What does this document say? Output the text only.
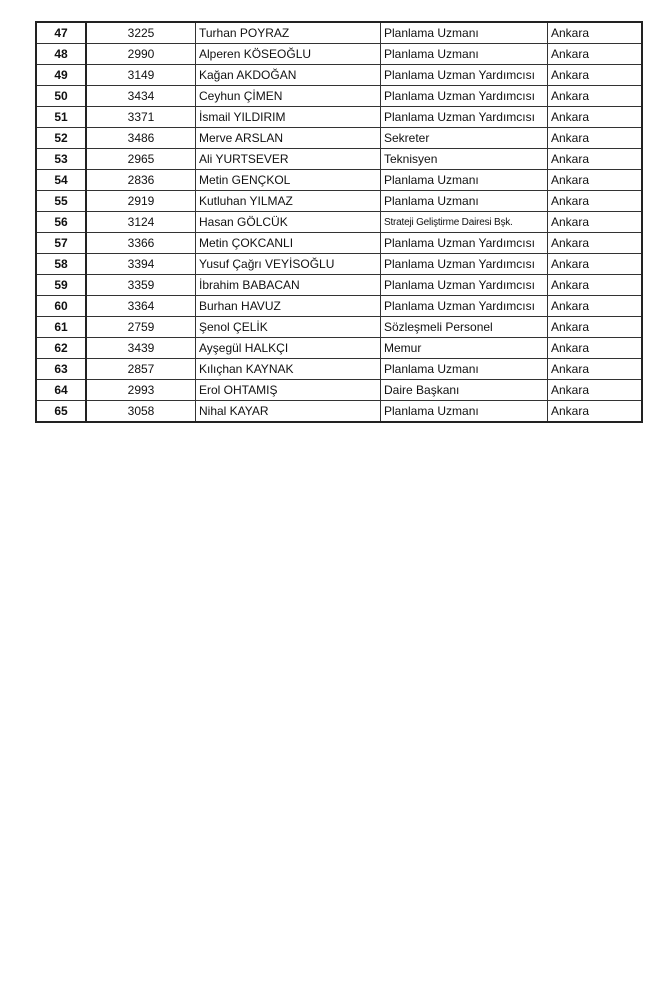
47	3225	Turhan POYRAZ	Planlama Uzmanı	Ankara
48	2990	Alperen KÖSEOĞLU	Planlama Uzmanı	Ankara
49	3149	Kağan AKDOĞAN	Planlama Uzman Yardımcısı	Ankara
50	3434	Ceyhun ÇİMEN	Planlama Uzman Yardımcısı	Ankara
51	3371	İsmail YILDIRIM	Planlama Uzman Yardımcısı	Ankara
52	3486	Merve ARSLAN	Sekreter	Ankara
53	2965	Ali YURTSEVER	Teknisyen	Ankara
54	2836	Metin GENÇKOL	Planlama Uzmanı	Ankara
55	2919	Kutluhan YILMAZ	Planlama Uzmanı	Ankara
56	3124	Hasan GÖLCÜK	Strateji Geliştirme Dairesi Bşk.	Ankara
57	3366	Metin ÇOKCANLI	Planlama Uzman Yardımcısı	Ankara
58	3394	Yusuf Çağrı VEYİSOĞLU	Planlama Uzman Yardımcısı	Ankara
59	3359	İbrahim BABACAN	Planlama Uzman Yardımcısı	Ankara
60	3364	Burhan HAVUZ	Planlama Uzman Yardımcısı	Ankara
61	2759	Şenol ÇELİK	Sözleşmeli Personel	Ankara
62	3439	Ayşegül HALKÇI	Memur	Ankara
63	2857	Kılıçhan KAYNAK	Planlama Uzmanı	Ankara
64	2993	Erol OHTAMIŞ	Daire Başkanı	Ankara
65	3058	Nihal KAYAR	Planlama Uzmanı	Ankara
